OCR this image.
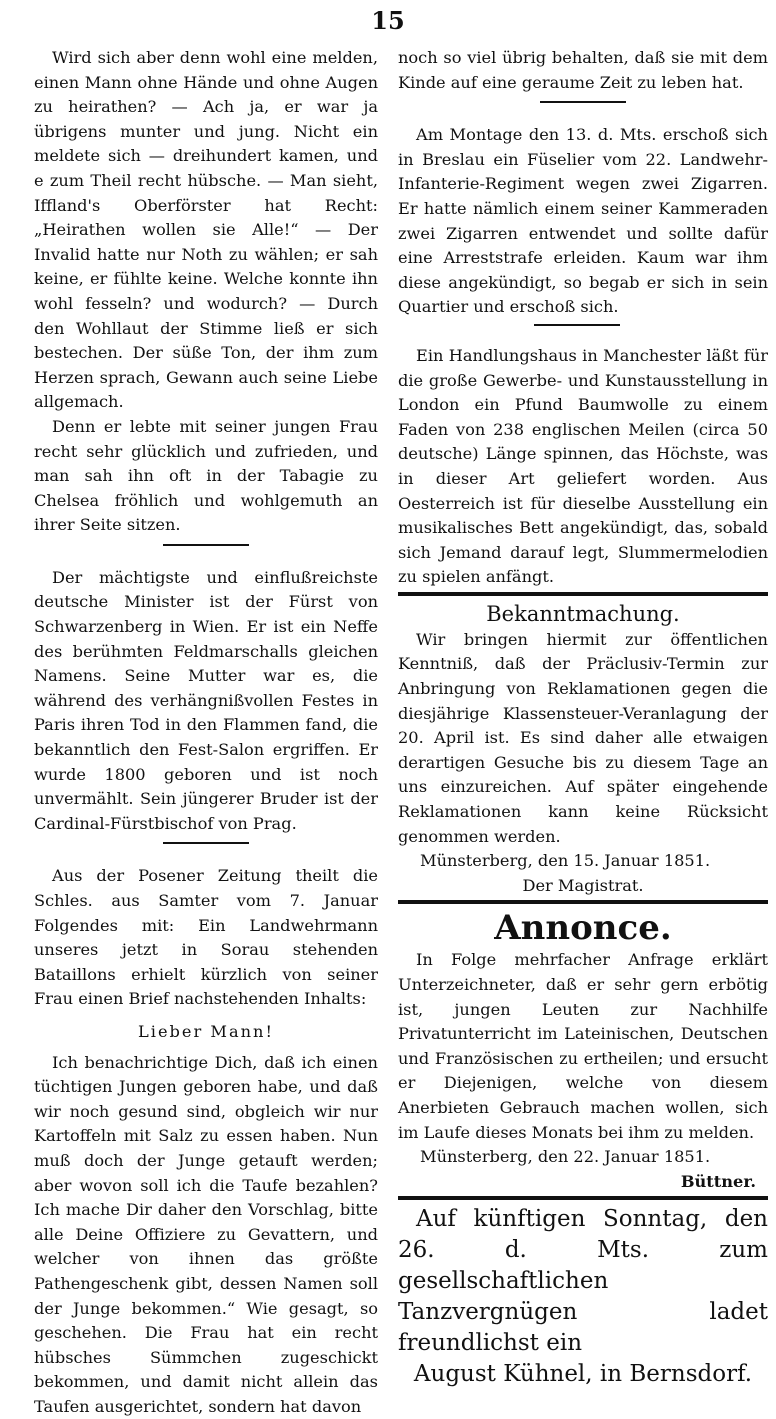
15

Wird sich aber denn wohl eine melden, einen Mann ohne Hände und ohne Augen zu heirathen? — Ach ja, er war ja übrigens munter und jung. Nicht ein meldete sich — dreihundert kamen, und e zum Theil recht hübsche. — Man sieht, Iffland's Oberförster hat Recht: „Heirathen wollen sie Alle!“ — Der Invalid hatte nur Noth zu wählen; er sah keine, er fühlte keine. Welche konnte ihn wohl fesseln? und wodurch? — Durch den Wohllaut der Stimme ließ er sich bestechen. Der süße Ton, der ihm zum Herzen sprach, Gewann auch seine Liebe allgemach.

Denn er lebte mit seiner jungen Frau recht sehr glücklich und zufrieden, und man sah ihn oft in der Tabagie zu Chelsea fröhlich und wohlgemuth an ihrer Seite sitzen.

Der mächtigste und einflußreichste deutsche Minister ist der Fürst von Schwarzenberg in Wien. Er ist ein Neffe des berühmten Feldmarschalls gleichen Namens. Seine Mutter war es, die während des verhängnißvollen Festes in Paris ihren Tod in den Flammen fand, die bekanntlich den Fest-Salon ergriffen. Er wurde 1800 geboren und ist noch unvermählt. Sein jüngerer Bruder ist der Cardinal-Fürstbischof von Prag.

Aus der Posener Zeitung theilt die Schles. aus Samter vom 7. Januar Folgendes mit: Ein Landwehrmann unseres jetzt in Sorau stehenden Bataillons erhielt kürzlich von seiner Frau einen Brief nachstehenden Inhalts:

Lieber Mann!

Ich benachrichtige Dich, daß ich einen tüchtigen Jungen geboren habe, und daß wir noch gesund sind, obgleich wir nur Kartoffeln mit Salz zu essen haben. Nun muß doch der Junge getauft werden; aber wovon soll ich die Taufe bezahlen? Ich mache Dir daher den Vorschlag, bitte alle Deine Offiziere zu Gevattern, und welcher von ihnen das größte Pathengeschenk gibt, dessen Namen soll der Junge bekommen.“ Wie gesagt, so geschehen. Die Frau hat ein recht hübsches Sümmchen zugeschickt bekommen, und damit nicht allein das Taufen ausgerichtet, sondern hat davon

noch so viel übrig behalten, daß sie mit dem Kinde auf eine geraume Zeit zu leben hat.

Am Montage den 13. d. Mts. erschoß sich in Breslau ein Füselier vom 22. Landwehr-Infanterie-Regiment wegen zwei Zigarren. Er hatte nämlich einem seiner Kammeraden zwei Zigarren entwendet und sollte dafür eine Arreststrafe erleiden. Kaum war ihm diese angekündigt, so begab er sich in sein Quartier und erschoß sich.

Ein Handlungshaus in Manchester läßt für die große Gewerbe- und Kunstausstellung in London ein Pfund Baumwolle zu einem Faden von 238 englischen Meilen (circa 50 deutsche) Länge spinnen, das Höchste, was in dieser Art geliefert worden. Aus Oesterreich ist für dieselbe Ausstellung ein musikalisches Bett angekündigt, das, sobald sich Jemand darauf legt, Slummermelodien zu spielen anfängt.

Bekanntmachung.

Wir bringen hiermit zur öffentlichen Kenntniß, daß der Präclusiv-Termin zur Anbringung von Reklamationen gegen die diesjährige Klassensteuer-Veranlagung der 20. April ist. Es sind daher alle etwaigen derartigen Gesuche bis zu diesem Tage an uns einzureichen. Auf später eingehende Reklamationen kann keine Rücksicht genommen werden.

Münsterberg, den 15. Januar 1851.

Der Magistrat.

Annonce.

In Folge mehrfacher Anfrage erklärt Unterzeichneter, daß er sehr gern erbötig ist, jungen Leuten zur Nachhilfe Privatunterricht im Lateinischen, Deutschen und Französischen zu ertheilen; und ersucht er Diejenigen, welche von diesem Anerbieten Gebrauch machen wollen, sich im Laufe dieses Monats bei ihm zu melden.

Münsterberg, den 22. Januar 1851.

Büttner.

Auf künftigen Sonntag, den 26. d. Mts. zum gesellschaftlichen Tanzvergnügen ladet freundlichst ein

August Kühnel, in Bernsdorf.
